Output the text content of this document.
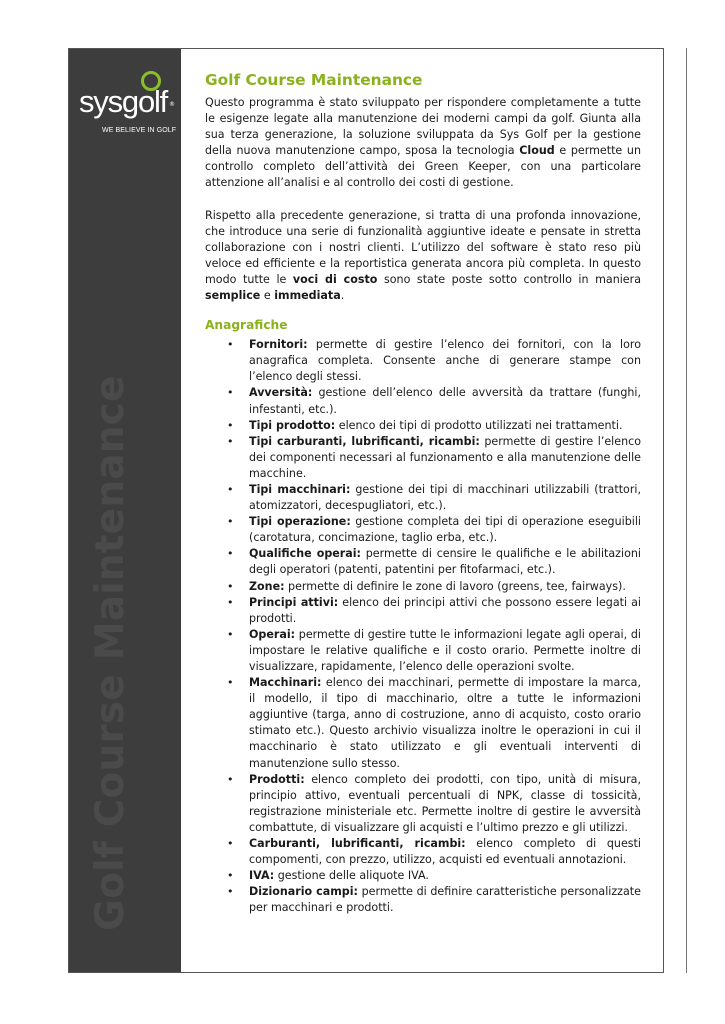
sysgolf ®
WE BELIEVE IN GOLF
Golf Course Maintenance
Golf Course Maintenance

Questo programma è stato sviluppato per rispondere completamente a tutte le esigenze legate alla manutenzione dei moderni campi da golf. Giunta alla sua terza generazione, la soluzione sviluppata da Sys Golf per la gestione della nuova manutenzione campo, sposa la tecnologia Cloud e permette un controllo completo dell’attività dei Green Keeper, con una particolare attenzione all’analisi e al controllo dei costi di gestione.

Rispetto alla precedente generazione, si tratta di una profonda innovazione, che introduce una serie di funzionalità aggiuntive ideate e pensate in stretta collaborazione con i nostri clienti. L’utilizzo del software è stato reso più veloce ed efficiente e la reportistica generata ancora più completa. In questo modo tutte le voci di costo sono state poste sotto controllo in maniera semplice e immediata.

Anagrafiche
• Fornitori: permette di gestire l’elenco dei fornitori, con la loro anagrafica completa. Consente anche di generare stampe con l’elenco degli stessi.
• Avversità: gestione dell’elenco delle avversità da trattare (funghi, infestanti, etc.).
• Tipi prodotto: elenco dei tipi di prodotto utilizzati nei trattamenti.
• Tipi carburanti, lubrificanti, ricambi: permette di gestire l’elenco dei componenti necessari al funzionamento e alla manutenzione delle macchine.
• Tipi macchinari: gestione dei tipi di macchinari utilizzabili (trattori, atomizzatori, decespugliatori, etc.).
• Tipi operazione: gestione completa dei tipi di operazione eseguibili (carotatura, concimazione, taglio erba, etc.).
• Qualifiche operai: permette di censire le qualifiche e le abilitazioni degli operatori (patenti, patentini per fitofarmaci, etc.).
• Zone: permette di definire le zone di lavoro (greens, tee, fairways).
• Principi attivi: elenco dei principi attivi che possono essere legati ai prodotti.
• Operai: permette di gestire tutte le informazioni legate agli operai, di impostare le relative qualifiche e il costo orario. Permette inoltre di visualizzare, rapidamente, l’elenco delle operazioni svolte.
• Macchinari: elenco dei macchinari, permette di impostare la marca, il modello, il tipo di macchinario, oltre a tutte le informazioni aggiuntive (targa, anno di costruzione, anno di acquisto, costo orario stimato etc.). Questo archivio visualizza inoltre le operazioni in cui il macchinario è stato utilizzato e gli eventuali interventi di manutenzione sullo stesso.
• Prodotti: elenco completo dei prodotti, con tipo, unità di misura, principio attivo, eventuali percentuali di NPK, classe di tossicità, registrazione ministeriale etc. Permette inoltre di gestire le avversità combattute, di visualizzare gli acquisti e l’ultimo prezzo e gli utilizzi.
• Carburanti, lubrificanti, ricambi: elenco completo di questi compomenti, con prezzo, utilizzo, acquisti ed eventuali annotazioni.
• IVA: gestione delle aliquote IVA.
• Dizionario campi: permette di definire caratteristiche personalizzate per macchinari e prodotti.
